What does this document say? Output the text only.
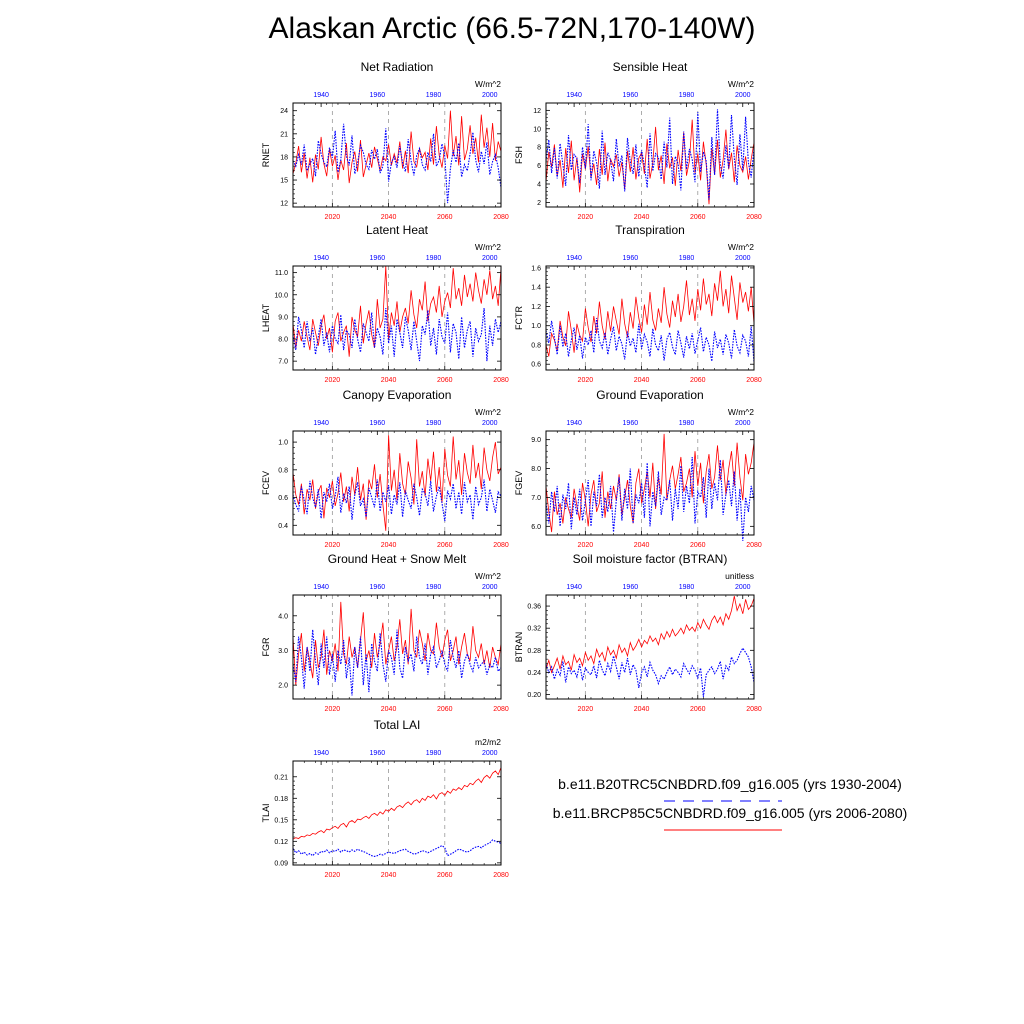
Alaskan Arctic (66.5-72N,170-140W)
Net Radiation
W/m^2
RNET
12
15
18
21
24
2020	2040	2060	2080
1940	1960	1980	2000
Sensible Heat
W/m^2
FSH
2
4
6
8
10
12
2020	2040	2060	2080
1940	1960	1980	2000
Latent Heat
W/m^2
LHEAT
7.0
8.0
9.0
10.0
11.0
2020	2040	2060	2080
1940	1960	1980	2000
Transpiration
W/m^2
FCTR
0.6
0.8
1.0
1.2
1.4
1.6
2020	2040	2060	2080
1940	1960	1980	2000
Canopy Evaporation
W/m^2
FCEV
0.4
0.6
0.8
1.0
2020	2040	2060	2080
1940	1960	1980	2000
Ground Evaporation
W/m^2
FGEV
6.0
7.0
8.0
9.0
2020	2040	2060	2080
1940	1960	1980	2000
Ground Heat + Snow Melt
W/m^2
FGR
2.0
3.0
4.0
2020	2040	2060	2080
1940	1960	1980	2000
Soil moisture factor (BTRAN)
unitless
BTRAN
0.20
0.24
0.28
0.32
0.36
2020	2040	2060	2080
1940	1960	1980	2000
Total LAI
m2/m2
TLAI
0.09
0.12
0.15
0.18
0.21
2020	2040	2060	2080
1940	1960	1980	2000
b.e11.B20TRC5CNBDRD.f09_g16.005 (yrs 1930-2004)
b.e11.BRCP85C5CNBDRD.f09_g16.005 (yrs 2006-2080)
